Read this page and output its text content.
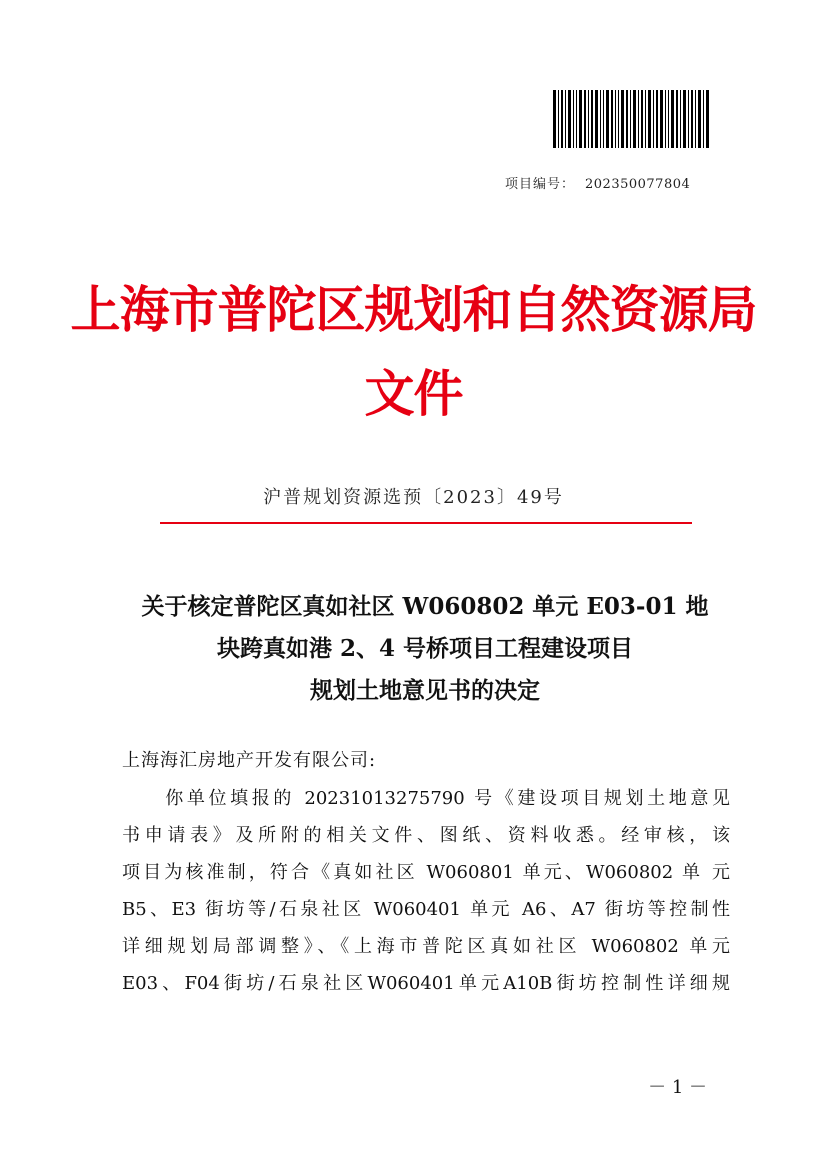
项目编号： 202350077804
上海市普陀区规划和自然资源局
文件
沪普规划资源选预〔2023〕49号
关于核定普陀区真如社区 W060802 单元 E03-01 地
块跨真如港 2、4 号桥项目工程建设项目
规划土地意见书的决定
上海海汇房地产开发有限公司:
　　你单位填报的 20231013275790 号《建设项目规划土地意见
书申请表》及所附的相关文件、图纸、资料收悉。经审核，该
项目为核准制，符合《真如社区 W060801 单元、W060802 单 元
B5、E3 街坊等/石泉社区 W060401 单元 A6、A7 街坊等控制性
详细规划局部调整》、《上海市普陀区真如社区 W060802 单元
E03、F04街坊/石泉社区W060401单元A10B街坊控制性详细规
－ 1 －
